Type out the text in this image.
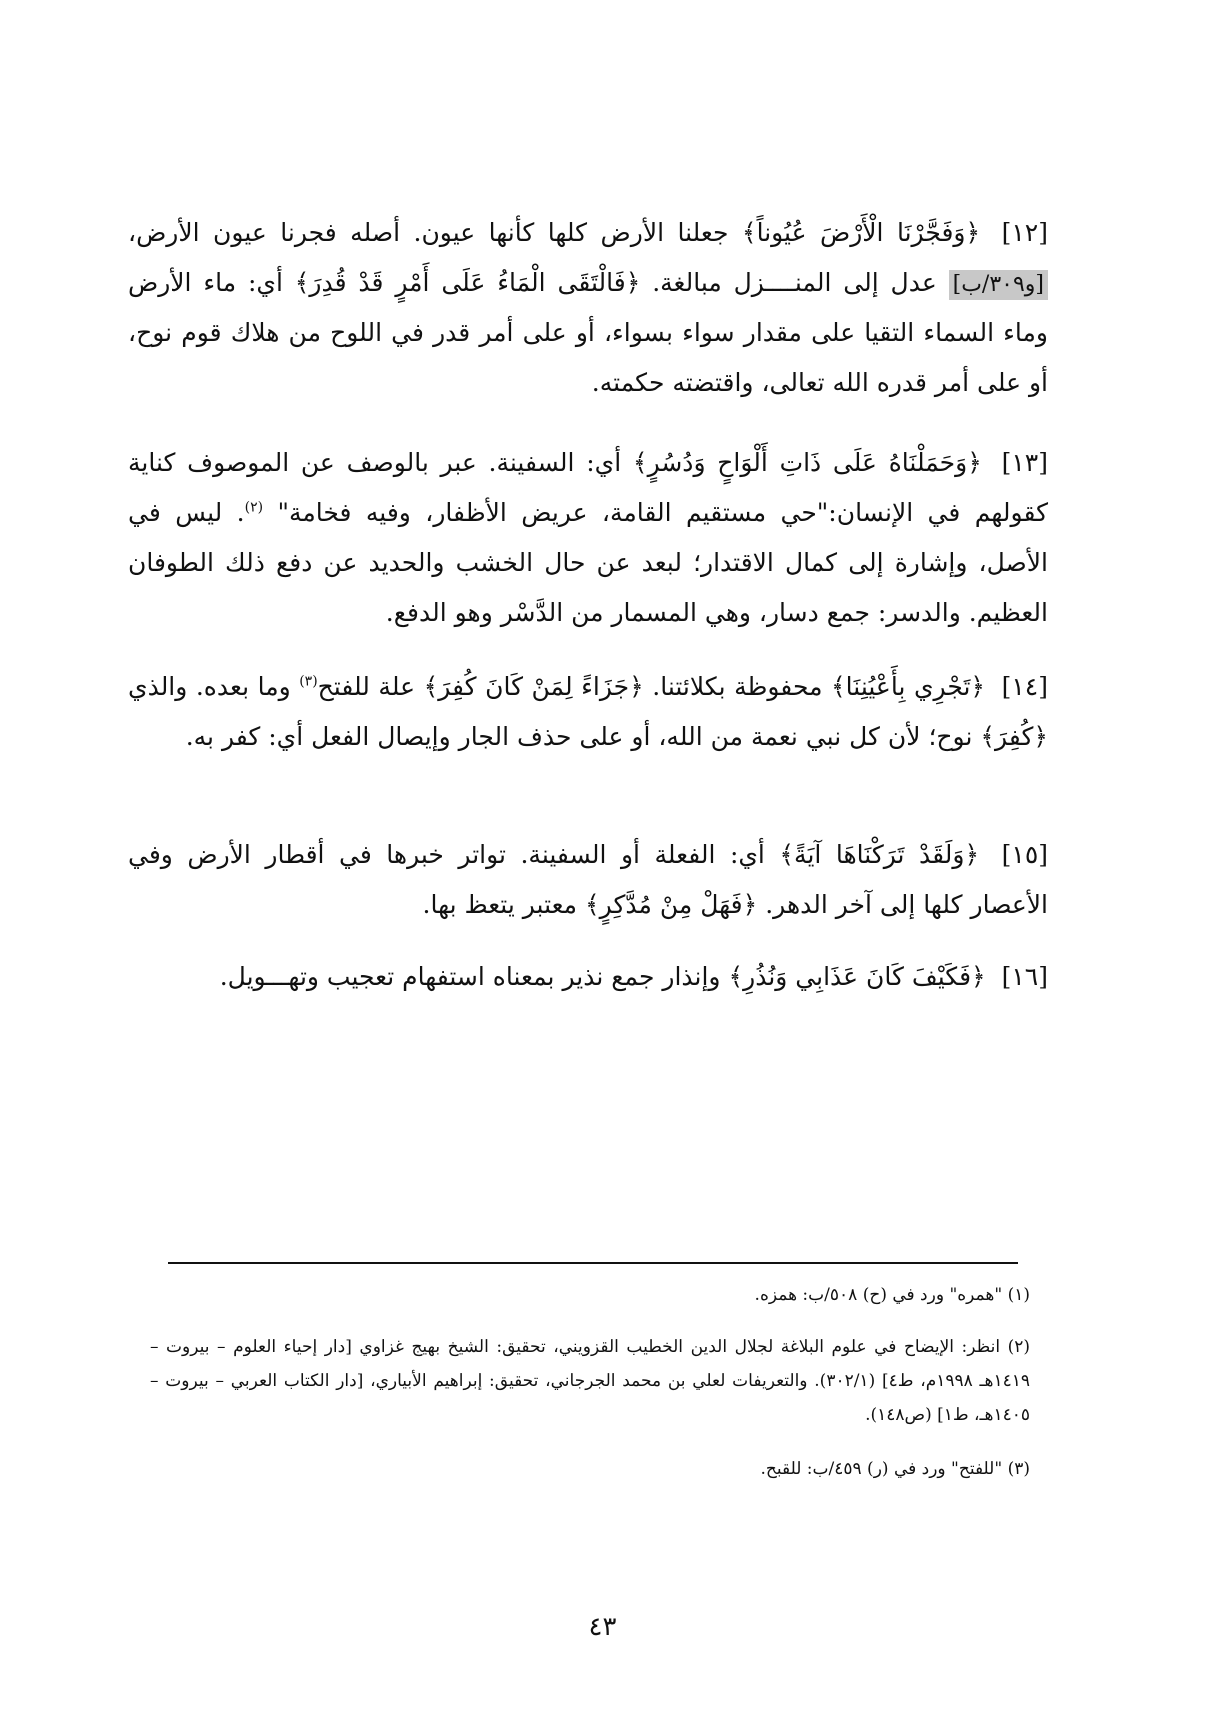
[١٢] ﴿وَفَجَّرْنَا الْأَرْضَ عُيُوناً﴾ جعلنا الأرض كلها كأنها عيون. أصله فجرنا عيون الأرض، [و٣٠٩/ب] عدل إلى المنــــزل مبالغة. ﴿فَالْتَقَى الْمَاءُ عَلَى أَمْرٍ قَدْ قُدِرَ﴾ أي: ماء الأرض وماء السماء التقيا على مقدار سواء بسواء، أو على أمر قدر في اللوح من هلاك قوم نوح، أو على أمر قدره الله تعالى، واقتضته حكمته.

[١٣] ﴿وَحَمَلْنَاهُ عَلَى ذَاتِ أَلْوَاحٍ وَدُسُرٍ﴾ أي: السفينة. عبر بالوصف عن الموصوف كناية كقولهم في الإنسان:"حي مستقيم القامة، عريض الأظفار، وفيه فخامة" $^{(٢)}$. ليس في الأصل، وإشارة إلى كمال الاقتدار؛ لبعد عن حال الخشب والحديد عن دفع ذلك الطوفان العظيم. والدسر: جمع دسار، وهي المسمار من الدَّسْر وهو الدفع.

[١٤] ﴿تَجْرِي بِأَعْيُنِنَا﴾ محفوظة بكلائتنا. ﴿جَزَاءً لِمَنْ كَانَ كُفِرَ﴾ علة للفتح$^{(٣)}$ وما بعده. والذي ﴿كُفِرَ﴾ نوح؛ لأن كل نبي نعمة من الله، أو على حذف الجار وإيصال الفعل أي: كفر به.

[١٥] ﴿وَلَقَدْ تَرَكْنَاهَا آيَةً﴾ أي: الفعلة أو السفينة. تواتر خبرها في أقطار الأرض وفي الأعصار كلها إلى آخر الدهر. ﴿فَهَلْ مِنْ مُدَّكِرٍ﴾ معتبر يتعظ بها.

[١٦] ﴿فَكَيْفَ كَانَ عَذَابِي وَنُذُرِ﴾ وإنذار جمع نذير بمعناه استفهام تعجيب وتهـــويل.

(١) "همره" ورد في (ح) ٥٠٨/ب: همزه.

(٢) انظر: الإيضاح في علوم البلاغة لجلال الدين الخطيب القزويني، تحقيق: الشيخ بهيج غزاوي [دار إحياء العلوم – بيروت – ١٤١٩هـ ١٩٩٨م، ط٤] (٣٠٢/١). والتعريفات لعلي بن محمد الجرجاني، تحقيق: إبراهيم الأبياري، [دار الكتاب العربي – بيروت – ١٤٠٥هـ، ط١] (ص١٤٨).

(٣) "للفتح" ورد في (ر) ٤٥٩/ب: للقبح.

٤٣
